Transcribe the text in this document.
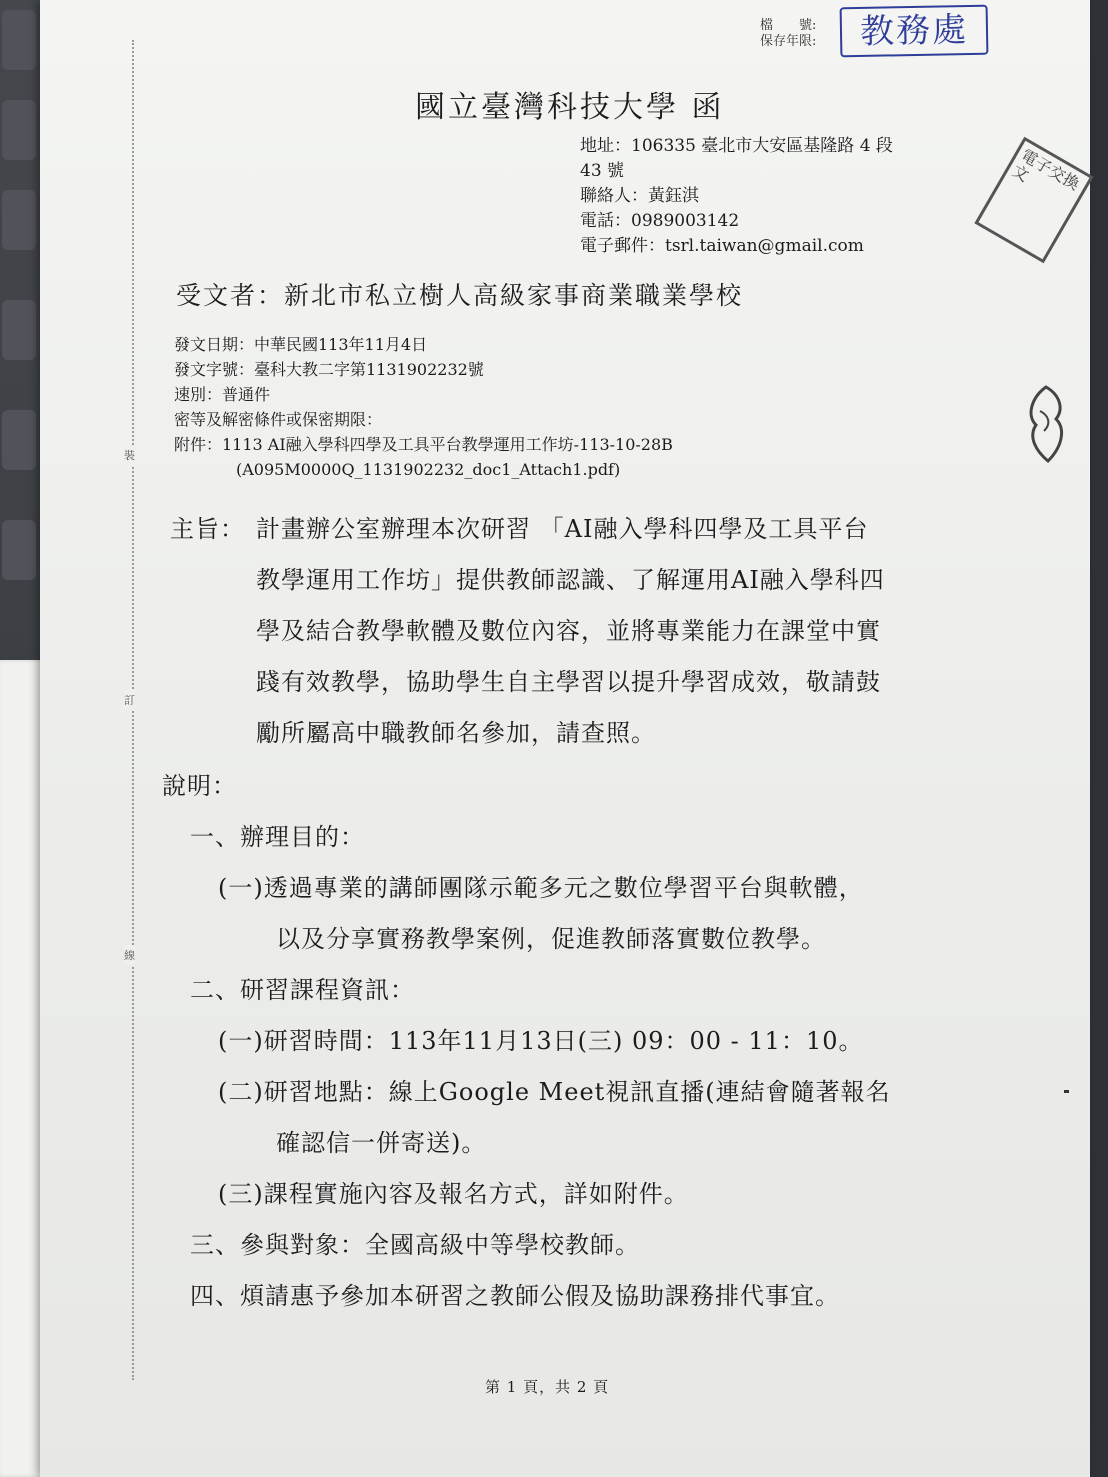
裝
訂
線
檔　　號:
保存年限:	教務處
電子交換文
國立臺灣科技大學 函
地址：106335 臺北市大安區基隆路 4 段
43 號
聯絡人：黃鈺淇
電話：0989003142
電子郵件：tsrl.taiwan@gmail.com
受文者：新北市私立樹人高級家事商業職業學校
發文日期：中華民國113年11月4日
發文字號：臺科大教二字第1131902232號
速別：普通件
密等及解密條件或保密期限：
附件：1113 AI融入學科四學及工具平台教學運用工作坊-113-10-28B
(A095M0000Q_1131902232_doc1_Attach1.pdf)
主旨： 計畫辦公室辦理本次研習 「AI融入學科四學及工具平台
教學運用工作坊」提供教師認識、了解運用AI融入學科四
學及結合教學軟體及數位內容，並將專業能力在課堂中實
踐有效教學，協助學生自主學習以提升學習成效，敬請鼓
勵所屬高中職教師名參加，請查照。
說明：
一、辦理目的：
(一)透過專業的講師團隊示範多元之數位學習平台與軟體，
以及分享實務教學案例，促進教師落實數位教學。
二、研習課程資訊：
(一)研習時間：113年11月13日(三) 09：00 - 11：10。
(二)研習地點：線上Google Meet視訊直播(連結會隨著報名
確認信一併寄送)。
(三)課程實施內容及報名方式，詳如附件。
三、參與對象：全國高級中等學校教師。
四、煩請惠予參加本研習之教師公假及協助課務排代事宜。
第 1 頁，共 2 頁
